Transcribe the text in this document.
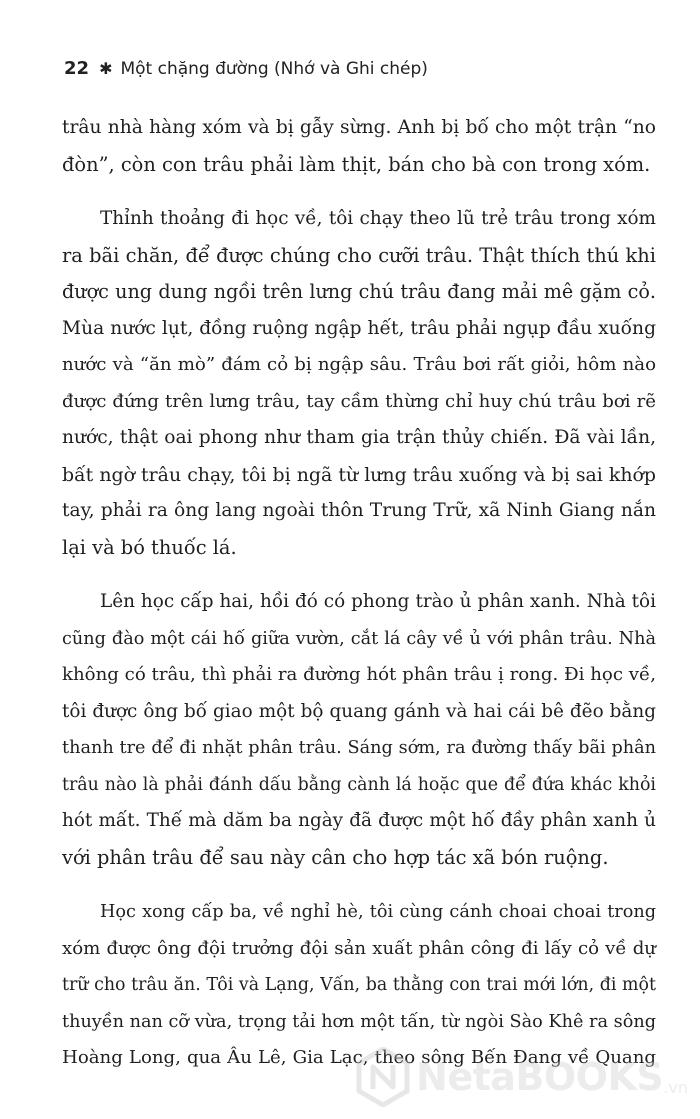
22 ✱ Một chặng đường (Nhớ và Ghi chép)
trâu nhà hàng xóm và bị gẫy sừng. Anh bị bố cho một trận “no
đòn”, còn con trâu phải làm thịt, bán cho bà con trong xóm.
Thỉnh thoảng đi học về, tôi chạy theo lũ trẻ trâu trong xóm
ra bãi chăn, để được chúng cho cưỡi trâu. Thật thích thú khi
được ung dung ngồi trên lưng chú trâu đang mải mê gặm cỏ.
Mùa nước lụt, đồng ruộng ngập hết, trâu phải ngụp đầu xuống
nước và “ăn mò” đám cỏ bị ngập sâu. Trâu bơi rất giỏi, hôm nào
được đứng trên lưng trâu, tay cầm thừng chỉ huy chú trâu bơi rẽ
nước, thật oai phong như tham gia trận thủy chiến. Đã vài lần,
bất ngờ trâu chạy, tôi bị ngã từ lưng trâu xuống và bị sai khớp
tay, phải ra ông lang ngoài thôn Trung Trữ, xã Ninh Giang nắn
lại và bó thuốc lá.
Lên học cấp hai, hồi đó có phong trào ủ phân xanh. Nhà tôi
cũng đào một cái hố giữa vườn, cắt lá cây về ủ với phân trâu. Nhà
không có trâu, thì phải ra đường hót phân trâu ị rong. Đi học về,
tôi được ông bố giao một bộ quang gánh và hai cái bê đẽo bằng
thanh tre để đi nhặt phân trâu. Sáng sớm, ra đường thấy bãi phân
trâu nào là phải đánh dấu bằng cành lá hoặc que để đứa khác khỏi
hót mất. Thế mà dăm ba ngày đã được một hố đầy phân xanh ủ
với phân trâu để sau này cân cho hợp tác xã bón ruộng.
Học xong cấp ba, về nghỉ hè, tôi cùng cánh choai choai trong
xóm được ông đội trưởng đội sản xuất phân công đi lấy cỏ về dự
trữ cho trâu ăn. Tôi và Lạng, Vấn, ba thằng con trai mới lớn, đi một
thuyền nan cỡ vừa, trọng tải hơn một tấn, từ ngòi Sào Khê ra sông
Hoàng Long, qua Âu Lê, Gia Lạc, theo sông Bến Đang về Quang
NetaBOOKS .vn
